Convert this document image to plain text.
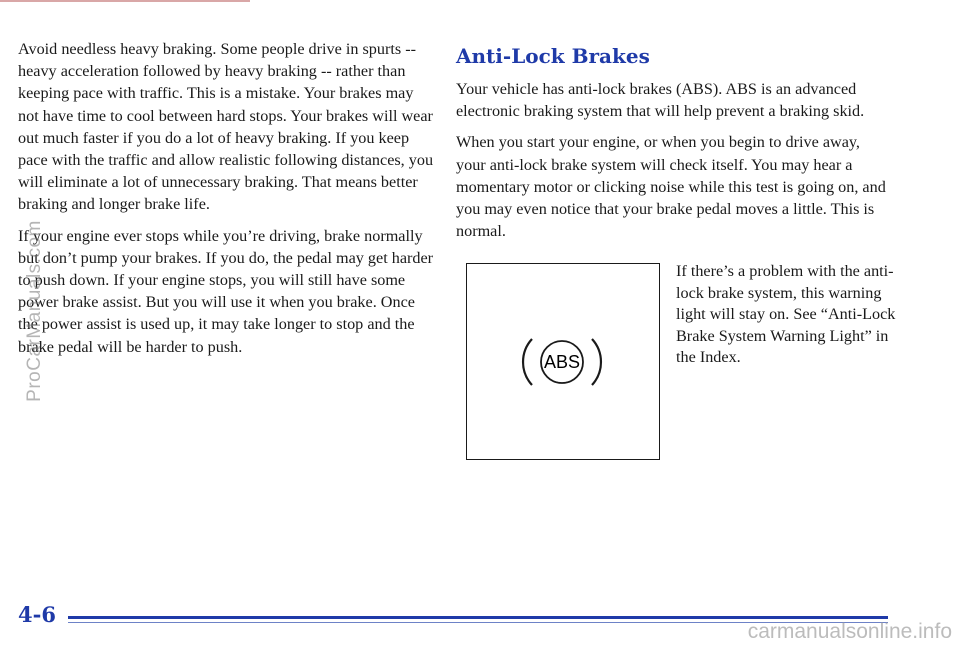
Avoid needless heavy braking. Some people drive in spurts -- heavy acceleration followed by heavy braking -- rather than keeping pace with traffic. This is a mistake. Your brakes may not have time to cool between hard stops. Your brakes will wear out much faster if you do a lot of heavy braking. If you keep pace with the traffic and allow realistic following distances, you will eliminate a lot of unnecessary braking. That means better braking and longer brake life.

If your engine ever stops while you’re driving, brake normally but don’t pump your brakes. If you do, the pedal may get harder to push down. If your engine stops, you will still have some power brake assist. But you will use it when you brake. Once the power assist is used up, it may take longer to stop and the brake pedal will be harder to push.

Anti-Lock Brakes

Your vehicle has anti-lock brakes (ABS). ABS is an advanced electronic braking system that will help prevent a braking skid.

When you start your engine, or when you begin to drive away, your anti-lock brake system will check itself. You may hear a momentary motor or clicking noise while this test is going on, and you may even notice that your brake pedal moves a little. This is normal.

ABS

If there’s a problem with the anti-lock brake system, this warning light will stay on. See “Anti-Lock Brake System Warning Light” in the Index.

ProCarManuals.com
4-6
carmanualsonline.info
